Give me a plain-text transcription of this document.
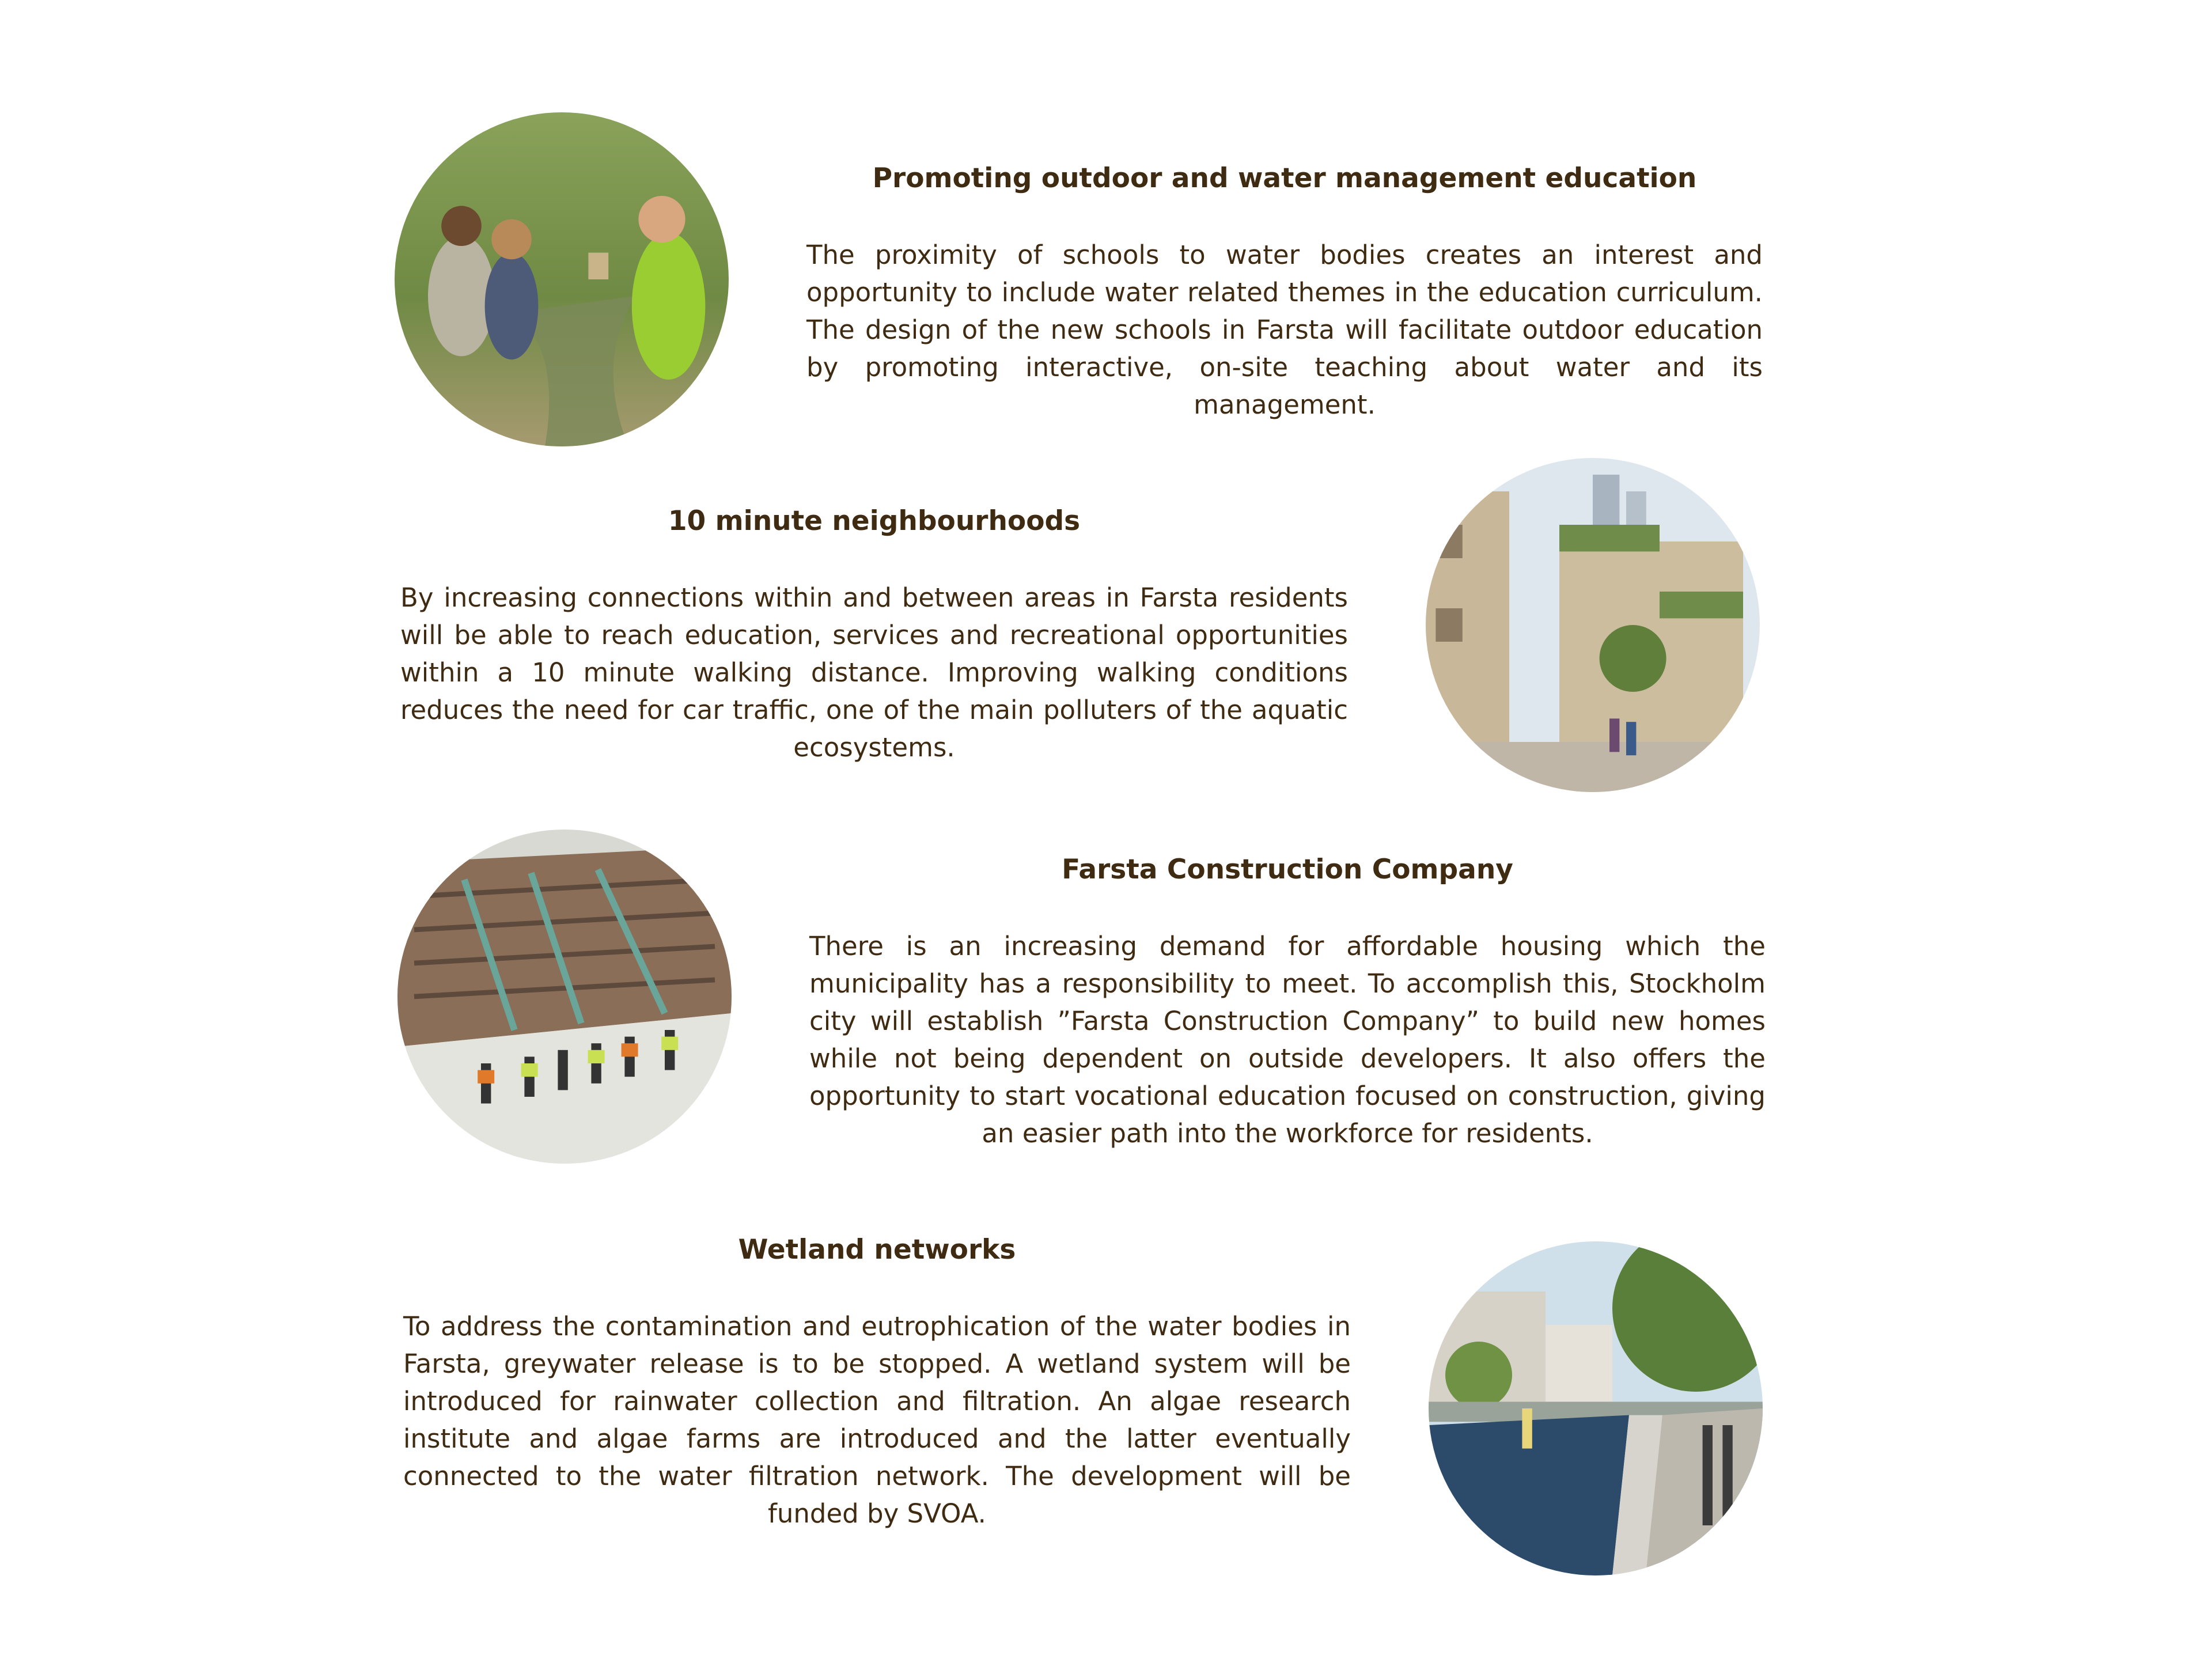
Promoting outdoor and water management education

The proximity of schools to water bodies creates an interest and opportunity to include water related themes in the education curriculum. The design of the new schools in Farsta will facilitate outdoor education by promoting interactive, on-site teaching about water and its management.

10 minute neighbourhoods

By increasing connections within and between areas in Farsta residents will be able to reach education, services and recreational opportunities within a 10 minute walking distance. Improving walking conditions reduces the need for car traffic, one of the main polluters of the aquatic ecosystems.

Farsta Construction Company

There is an increasing demand for affordable housing which the municipality has a responsibility to meet. To accomplish this, Stockholm city will establish ”Farsta Construction Company” to build new homes while not being dependent on outside developers. It also offers the opportunity to start vocational education focused on construction, giving an easier path into the workforce for residents.

Wetland networks

To address the contamination and eutrophication of the water bodies in Farsta, greywater release is to be stopped. A wetland system will be introduced for rainwater collection and filtration. An algae research institute and algae farms are introduced and the latter eventually connected to the water filtration network. The development will be funded by SVOA.
